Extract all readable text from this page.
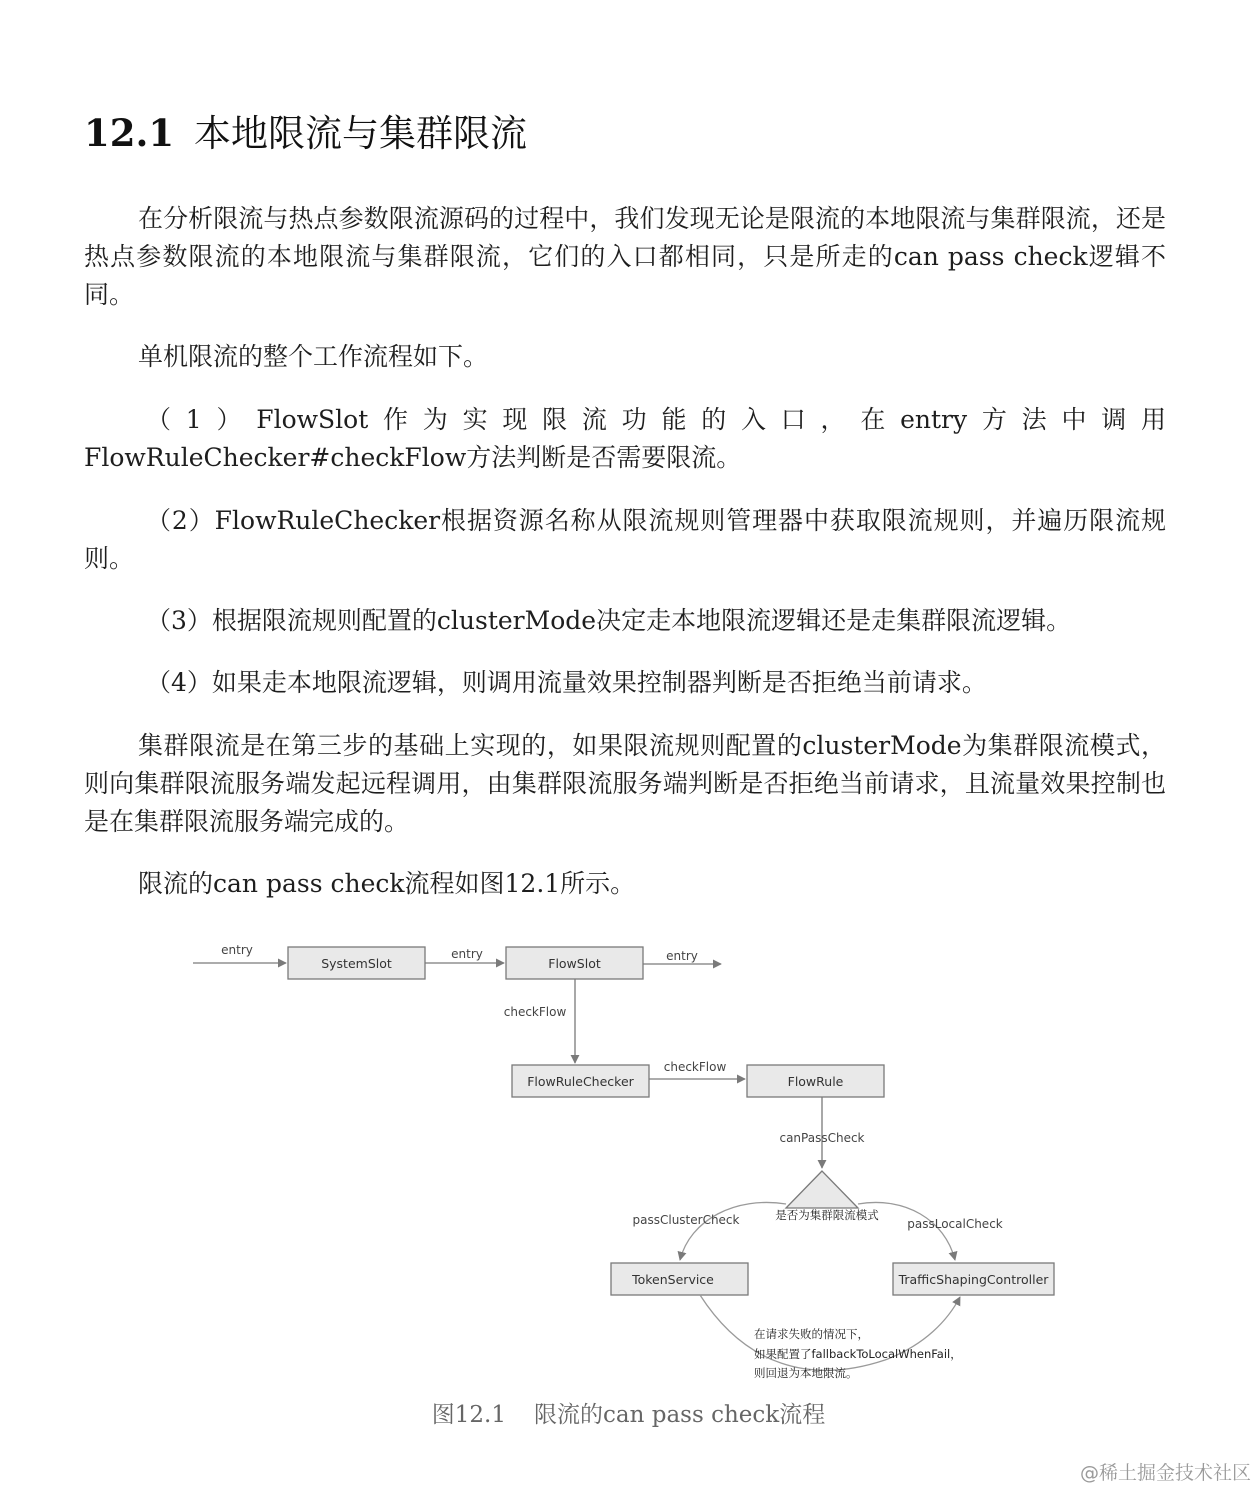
12.1 本地限流与集群限流
在分析限流与热点参数限流源码的过程中，我们发现无论是限流的本地限流与集群限流，还是热点参数限流的本地限流与集群限流，它们的入口都相同，只是所走的can pass check逻辑不同。
单机限流的整个工作流程如下。
（1）FlowSlot作为实现限流功能的入口，在entry方法中调用FlowRuleChecker#checkFlow方法判断是否需要限流。
（2）FlowRuleChecker根据资源名称从限流规则管理器中获取限流规则，并遍历限流规则。
（3）根据限流规则配置的clusterMode决定走本地限流逻辑还是走集群限流逻辑。
（4）如果走本地限流逻辑，则调用流量效果控制器判断是否拒绝当前请求。
集群限流是在第三步的基础上实现的，如果限流规则配置的clusterMode为集群限流模式，则向集群限流服务端发起远程调用，由集群限流服务端判断是否拒绝当前请求，且流量效果控制也是在集群限流服务端完成的。
限流的can pass check流程如图12.1所示。
entry
SystemSlot
entry
FlowSlot	entry
checkFlow
FlowRuleChecker
checkFlow
FlowRule
canPassCheck
是否为集群限流模式
passClusterCheck	passLocalCheck
TokenService	TrafficShapingController
在请求失败的情况下，
如果配置了fallbackToLocalWhenFail，
则回退为本地限流。
图12.1 限流的can pass check流程
@稀土掘金技术社区
